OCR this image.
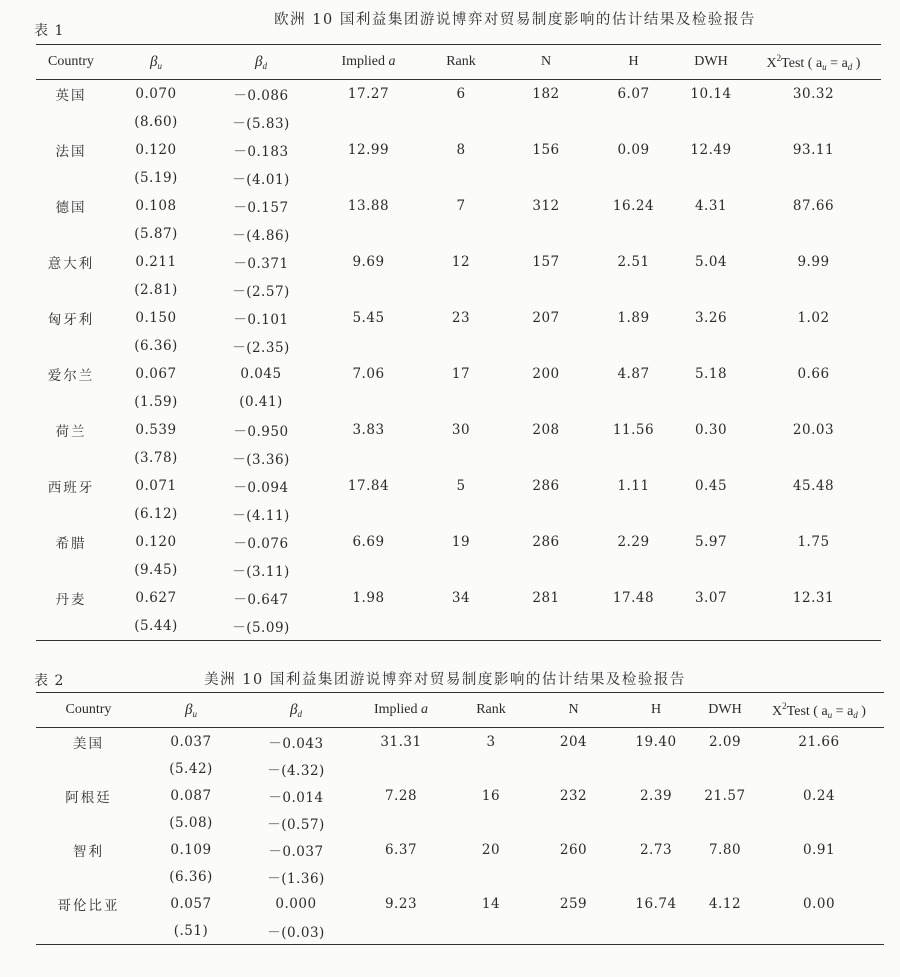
表 1
欧洲 10 国利益集团游说博弈对贸易制度影响的估计结果及检验报告
Country	$\beta_u$	$\beta_d$	Implied a	Rank	N	H	DWH	$X^2Test$ ( $a_u = a_d$ )
英国	0.070	－0.086	17.27	6	182	6.07	10.14	30.32
	(8.60)	－(5.83)						
法国	0.120	－0.183	12.99	8	156	0.09	12.49	93.11
	(5.19)	－(4.01)						
德国	0.108	－0.157	13.88	7	312	16.24	4.31	87.66
	(5.87)	－(4.86)						
意大利	0.211	－0.371	9.69	12	157	2.51	5.04	9.99
	(2.81)	－(2.57)						
匈牙利	0.150	－0.101	5.45	23	207	1.89	3.26	1.02
	(6.36)	－(2.35)						
爱尔兰	0.067	0.045	7.06	17	200	4.87	5.18	0.66
	(1.59)	(0.41)						
荷兰	0.539	－0.950	3.83	30	208	11.56	0.30	20.03
	(3.78)	－(3.36)						
西班牙	0.071	－0.094	17.84	5	286	1.11	0.45	45.48
	(6.12)	－(4.11)						
希腊	0.120	－0.076	6.69	19	286	2.29	5.97	1.75
	(9.45)	－(3.11)						
丹麦	0.627	－0.647	1.98	34	281	17.48	3.07	12.31
	(5.44)	－(5.09)						
表 2	美洲 10 国利益集团游说博弈对贸易制度影响的估计结果及检验报告
Country	$\beta_u$	$\beta_d$	Implied a	Rank	N	H	DWH	$X^2Test$ ( $a_u = a_d$ )
美国	0.037	－0.043	31.31	3	204	19.40	2.09	21.66
	(5.42)	－(4.32)						
阿根廷	0.087	－0.014	7.28	16	232	2.39	21.57	0.24
	(5.08)	－(0.57)						
智利	0.109	－0.037	6.37	20	260	2.73	7.80	0.91
	(6.36)	－(1.36)						
哥伦比亚	0.057	0.000	9.23	14	259	16.74	4.12	0.00
	(.51)	－(0.03)						
